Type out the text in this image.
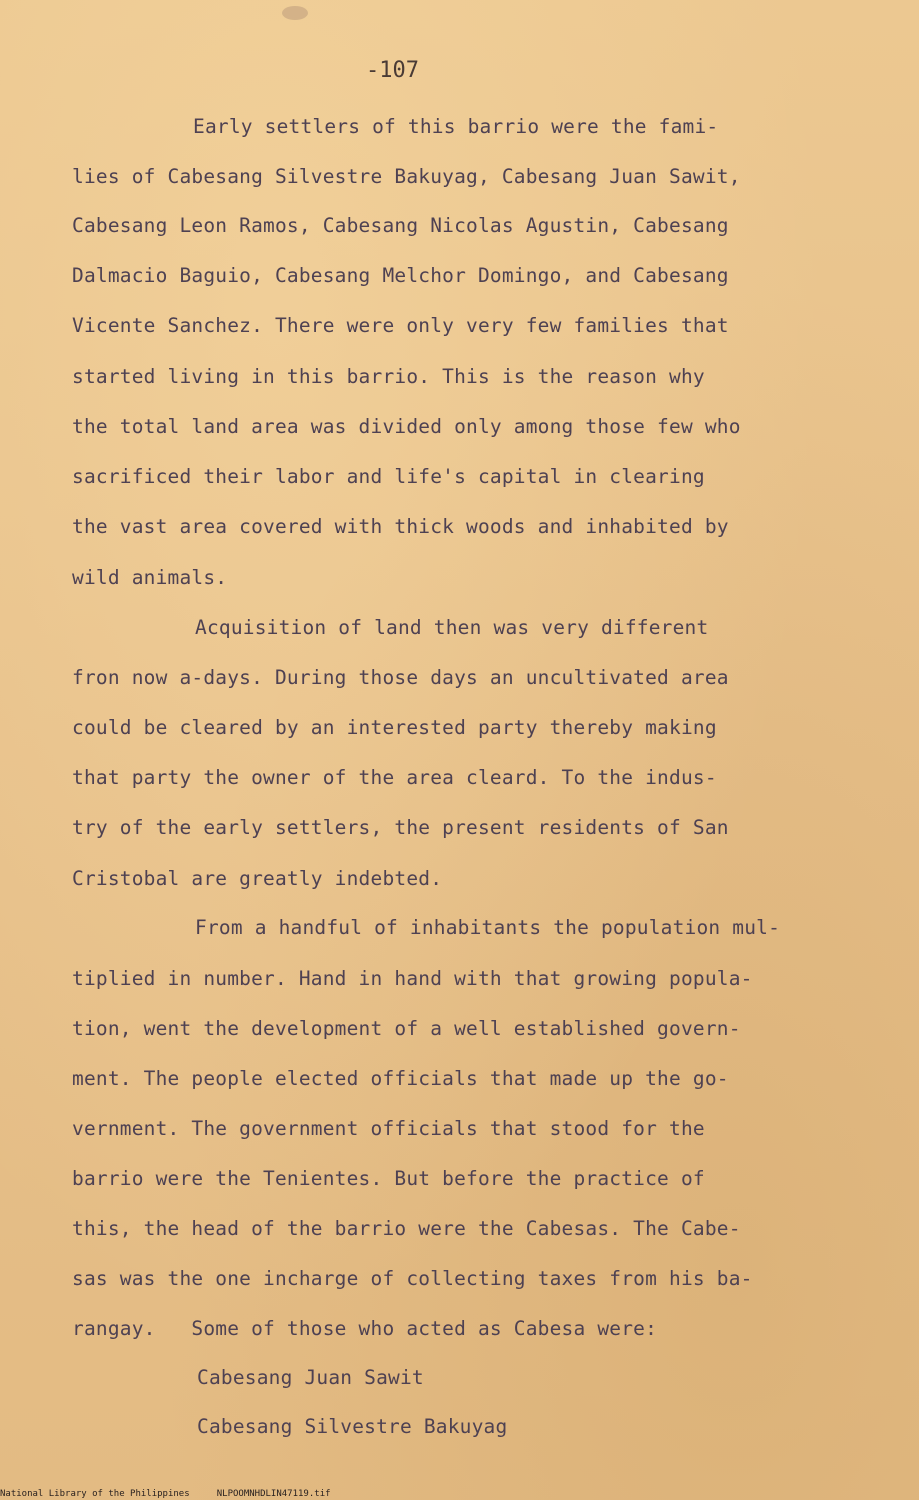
-107
Early settlers of this barrio were the fami-
lies of Cabesang Silvestre Bakuyag, Cabesang Juan Sawit,
Cabesang Leon Ramos, Cabesang Nicolas Agustin, Cabesang
Dalmacio Baguio, Cabesang Melchor Domingo, and Cabesang
Vicente Sanchez. There were only very few families that
started living in this barrio. This is the reason why
the total land area was divided only among those few who
sacrificed their labor and life's capital in clearing
the vast area covered with thick woods and inhabited by
wild animals.
Acquisition of land then was very different
fron now a-days. During those days an uncultivated area
could be cleared by an interested party thereby making
that party the owner of the area cleard. To the indus-
try of the early settlers, the present residents of San
Cristobal are greatly indebted.
From a handful of inhabitants the population mul-
tiplied in number. Hand in hand with that growing popula-
tion, went the development of a well established govern-
ment. The people elected officials that made up the go-
vernment. The government officials that stood for the
barrio were the Tenientes. But before the practice of
this, the head of the barrio were the Cabesas. The Cabe-
sas was the one incharge of collecting taxes from his ba-
rangay.   Some of those who acted as Cabesa were:
Cabesang Juan Sawit
Cabesang Silvestre Bakuyag
National Library of the Philippines     NLPOOMNHDLIN47119.tif
